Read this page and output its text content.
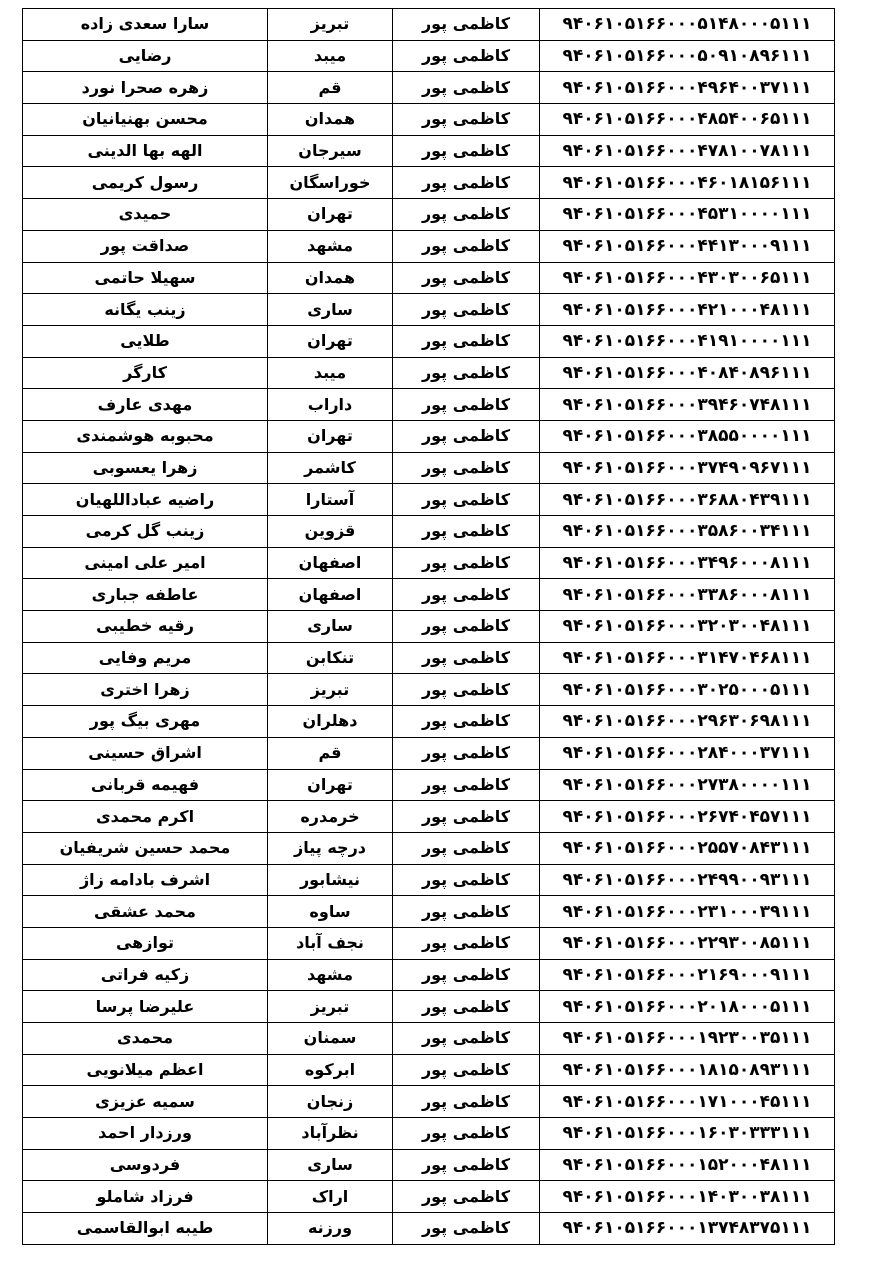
۹۴۰۶۱۰۵۱۶۶۰۰۰۵۱۴۸۰۰۰۵۱۱۱	کاظمی پور	تبریز	سارا سعدی زاده
۹۴۰۶۱۰۵۱۶۶۰۰۰۵۰۹۱۰۸۹۶۱۱۱	کاظمی پور	میبد	رضایی
۹۴۰۶۱۰۵۱۶۶۰۰۰۴۹۶۴۰۰۳۷۱۱۱	کاظمی پور	قم	زهره صحرا نورد
۹۴۰۶۱۰۵۱۶۶۰۰۰۴۸۵۴۰۰۶۵۱۱۱	کاظمی پور	همدان	محسن بهنیانیان
۹۴۰۶۱۰۵۱۶۶۰۰۰۴۷۸۱۰۰۷۸۱۱۱	کاظمی پور	سیرجان	الهه بها الدینی
۹۴۰۶۱۰۵۱۶۶۰۰۰۴۶۰۱۸۱۵۶۱۱۱	کاظمی پور	خوراسگان	رسول کریمی
۹۴۰۶۱۰۵۱۶۶۰۰۰۴۵۳۱۰۰۰۰۱۱۱	کاظمی پور	تهران	حمیدی
۹۴۰۶۱۰۵۱۶۶۰۰۰۴۴۱۳۰۰۰۹۱۱۱	کاظمی پور	مشهد	صداقت پور
۹۴۰۶۱۰۵۱۶۶۰۰۰۴۳۰۳۰۰۶۵۱۱۱	کاظمی پور	همدان	سهیلا حاتمی
۹۴۰۶۱۰۵۱۶۶۰۰۰۴۲۱۰۰۰۴۸۱۱۱	کاظمی پور	ساری	زینب یگانه
۹۴۰۶۱۰۵۱۶۶۰۰۰۴۱۹۱۰۰۰۰۱۱۱	کاظمی پور	تهران	طلایی
۹۴۰۶۱۰۵۱۶۶۰۰۰۴۰۸۴۰۸۹۶۱۱۱	کاظمی پور	میبد	کارگر
۹۴۰۶۱۰۵۱۶۶۰۰۰۳۹۴۶۰۷۴۸۱۱۱	کاظمی پور	داراب	مهدی عارف
۹۴۰۶۱۰۵۱۶۶۰۰۰۳۸۵۵۰۰۰۰۱۱۱	کاظمی پور	تهران	محبوبه هوشمندی
۹۴۰۶۱۰۵۱۶۶۰۰۰۳۷۴۹۰۹۶۷۱۱۱	کاظمی پور	کاشمر	زهرا یعسوبی
۹۴۰۶۱۰۵۱۶۶۰۰۰۳۶۸۸۰۴۳۹۱۱۱	کاظمی پور	آستارا	راضیه عباداللهیان
۹۴۰۶۱۰۵۱۶۶۰۰۰۳۵۸۶۰۰۳۴۱۱۱	کاظمی پور	قزوین	زینب گل کرمی
۹۴۰۶۱۰۵۱۶۶۰۰۰۳۴۹۶۰۰۰۸۱۱۱	کاظمی پور	اصفهان	امیر علی امینی
۹۴۰۶۱۰۵۱۶۶۰۰۰۳۳۸۶۰۰۰۸۱۱۱	کاظمی پور	اصفهان	عاطفه جباری
۹۴۰۶۱۰۵۱۶۶۰۰۰۳۲۰۳۰۰۴۸۱۱۱	کاظمی پور	ساری	رقیه خطیبی
۹۴۰۶۱۰۵۱۶۶۰۰۰۳۱۴۷۰۴۶۸۱۱۱	کاظمی پور	تنکابن	مریم وفایی
۹۴۰۶۱۰۵۱۶۶۰۰۰۳۰۲۵۰۰۰۵۱۱۱	کاظمی پور	تبریز	زهرا اختری
۹۴۰۶۱۰۵۱۶۶۰۰۰۲۹۶۳۰۶۹۸۱۱۱	کاظمی پور	دهلران	مهری بیگ پور
۹۴۰۶۱۰۵۱۶۶۰۰۰۲۸۴۰۰۰۳۷۱۱۱	کاظمی پور	قم	اشراق حسینی
۹۴۰۶۱۰۵۱۶۶۰۰۰۲۷۳۸۰۰۰۰۱۱۱	کاظمی پور	تهران	فهیمه قربانی
۹۴۰۶۱۰۵۱۶۶۰۰۰۲۶۷۴۰۴۵۷۱۱۱	کاظمی پور	خرمدره	اکرم محمدی
۹۴۰۶۱۰۵۱۶۶۰۰۰۲۵۵۷۰۸۴۳۱۱۱	کاظمی پور	درچه پیاز	محمد حسین شریفیان
۹۴۰۶۱۰۵۱۶۶۰۰۰۲۴۹۹۰۰۹۳۱۱۱	کاظمی پور	نیشابور	اشرف بادامه زاژ
۹۴۰۶۱۰۵۱۶۶۰۰۰۲۳۱۰۰۰۳۹۱۱۱	کاظمی پور	ساوه	محمد عشقی
۹۴۰۶۱۰۵۱۶۶۰۰۰۲۲۹۳۰۰۸۵۱۱۱	کاظمی پور	نجف آباد	توازهی
۹۴۰۶۱۰۵۱۶۶۰۰۰۲۱۶۹۰۰۰۹۱۱۱	کاظمی پور	مشهد	زکیه فراتی
۹۴۰۶۱۰۵۱۶۶۰۰۰۲۰۱۸۰۰۰۵۱۱۱	کاظمی پور	تبریز	علیرضا پرسا
۹۴۰۶۱۰۵۱۶۶۰۰۰۱۹۲۳۰۰۳۵۱۱۱	کاظمی پور	سمنان	محمدی
۹۴۰۶۱۰۵۱۶۶۰۰۰۱۸۱۵۰۸۹۳۱۱۱	کاظمی پور	ابرکوه	اعظم میلانویی
۹۴۰۶۱۰۵۱۶۶۰۰۰۱۷۱۰۰۰۴۵۱۱۱	کاظمی پور	زنجان	سمیه عزیزی
۹۴۰۶۱۰۵۱۶۶۰۰۰۱۶۰۳۰۳۳۳۱۱۱	کاظمی پور	نظرآباد	ورزدار احمد
۹۴۰۶۱۰۵۱۶۶۰۰۰۱۵۲۰۰۰۴۸۱۱۱	کاظمی پور	ساری	فردوسی
۹۴۰۶۱۰۵۱۶۶۰۰۰۱۴۰۳۰۰۳۸۱۱۱	کاظمی پور	اراک	فرزاد شاملو
۹۴۰۶۱۰۵۱۶۶۰۰۰۱۳۷۴۸۳۷۵۱۱۱	کاظمی پور	ورزنه	طیبه ابوالقاسمی
